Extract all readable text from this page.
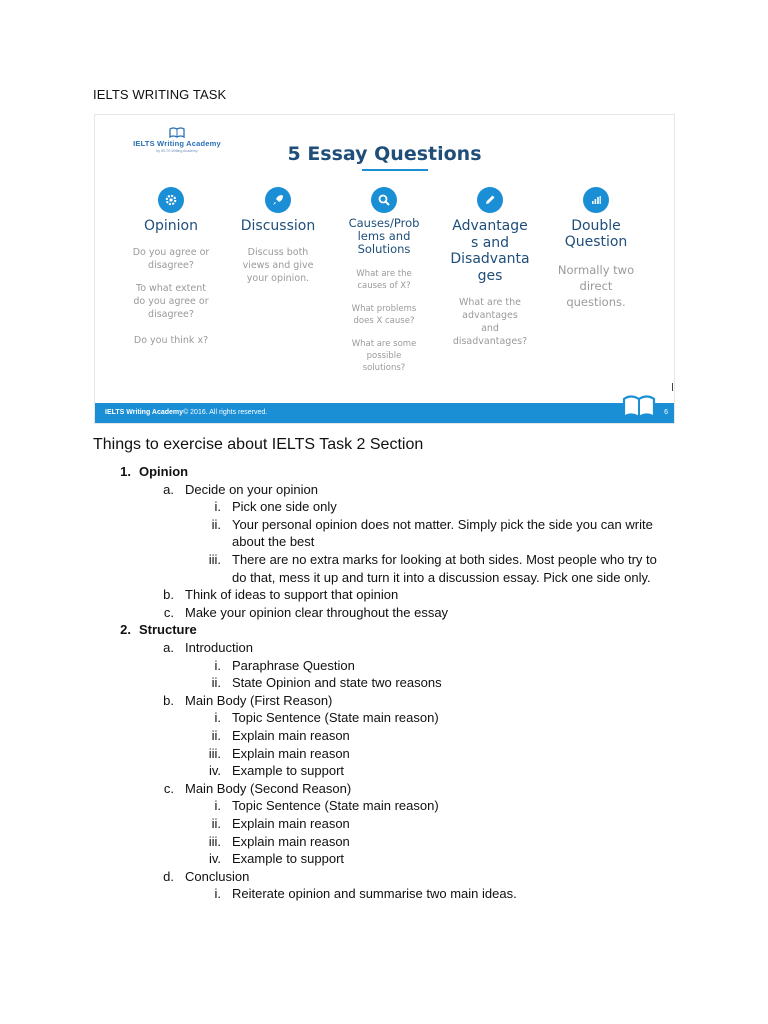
IELTS WRITING TASK
IELTS Writing Academy
by IELTS Writing Academy	5 Essay Questions
Opinion
Do you agree or
disagree?
To what extent
do you agree or
disagree?
Do you think x?
Discussion
Discuss both
views and give
your opinion.
Causes/Prob
lems and
Solutions
What are the
causes of X?
What problems
does X cause?
What are some
possible
solutions?
Advantage
s and
Disadvanta
ges
What are the
advantages
and
disadvantages?
Double
Question
Normally two
direct
questions.
IELTS Writing Academy© 2016. All rights reserved.	6
Things to exercise about IELTS Task 2 Section
1. Opinion
a. Decide on your opinion
i. Pick one side only
ii. Your personal opinion does not matter. Simply pick the side you can write
about the best
iii. There are no extra marks for looking at both sides. Most people who try to
do that, mess it up and turn it into a discussion essay. Pick one side only.
b. Think of ideas to support that opinion
c. Make your opinion clear throughout the essay
2. Structure
a. Introduction
i. Paraphrase Question
ii. State Opinion and state two reasons
b. Main Body (First Reason)
i. Topic Sentence (State main reason)
ii. Explain main reason
iii. Explain main reason
iv. Example to support
c. Main Body (Second Reason)
i. Topic Sentence (State main reason)
ii. Explain main reason
iii. Explain main reason
iv. Example to support
d. Conclusion
i. Reiterate opinion and summarise two main ideas.
